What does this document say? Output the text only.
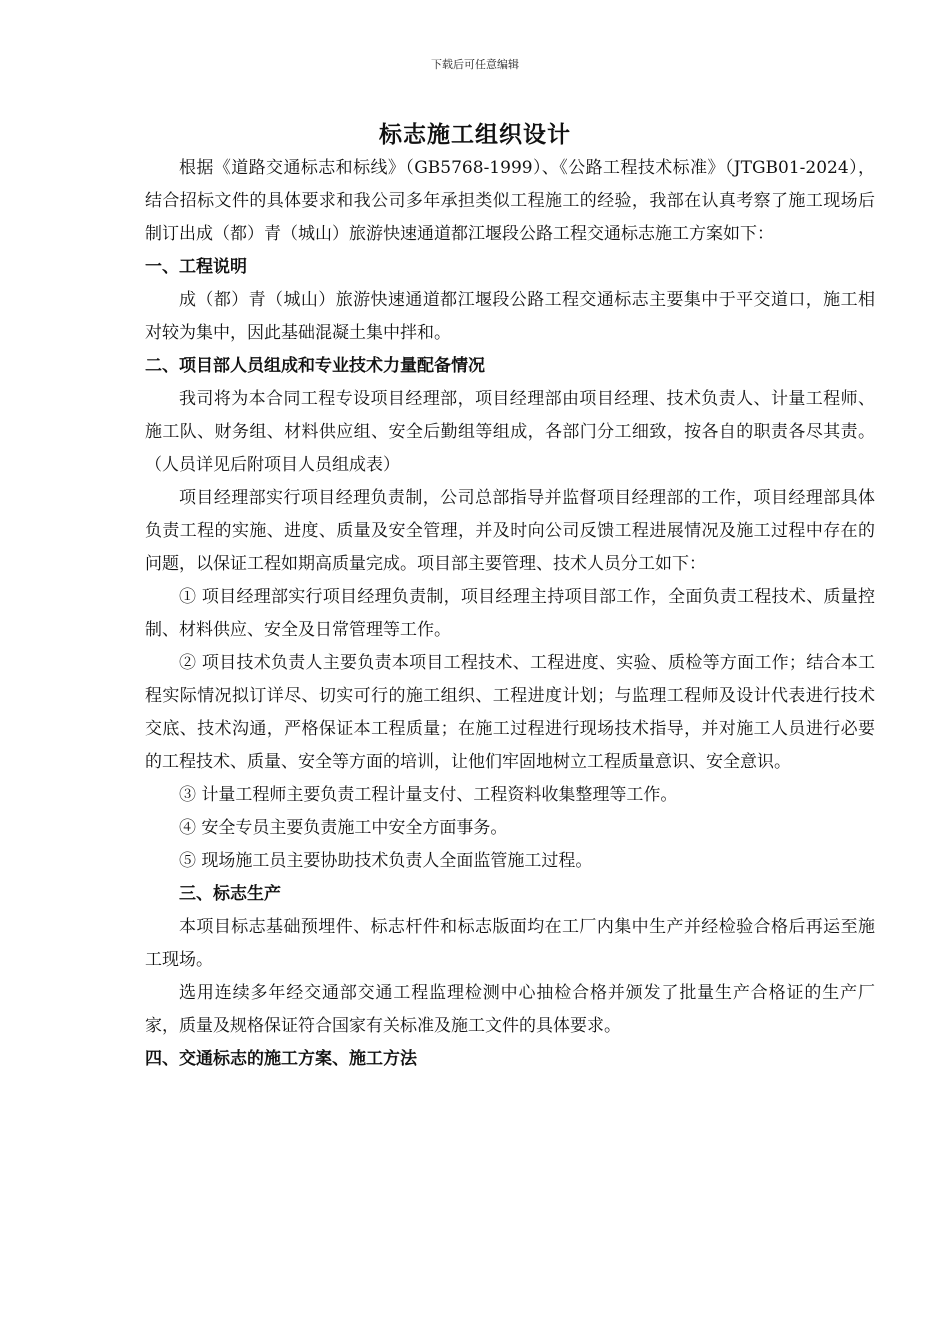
下载后可任意编辑
标志施工组织设计

根据《道路交通标志和标线》（GB5768-1999）、《公路工程技术标准》（JTGB01-2024），结合招标文件的具体要求和我公司多年承担类似工程施工的经验，我部在认真考察了施工现场后制订出成（都）青（城山）旅游快速通道都江堰段公路工程交通标志施工方案如下：

一、工程说明

成（都）青（城山）旅游快速通道都江堰段公路工程交通标志主要集中于平交道口，施工相对较为集中，因此基础混凝土集中拌和。

二、项目部人员组成和专业技术力量配备情况

我司将为本合同工程专设项目经理部，项目经理部由项目经理、技术负责人、计量工程师、施工队、财务组、材料供应组、安全后勤组等组成，各部门分工细致，按各自的职责各尽其责。（人员详见后附项目人员组成表）

项目经理部实行项目经理负责制，公司总部指导并监督项目经理部的工作，项目经理部具体负责工程的实施、进度、质量及安全管理，并及时向公司反馈工程进展情况及施工过程中存在的问题，以保证工程如期高质量完成。项目部主要管理、技术人员分工如下：

① 项目经理部实行项目经理负责制，项目经理主持项目部工作，全面负责工程技术、质量控制、材料供应、安全及日常管理等工作。

② 项目技术负责人主要负责本项目工程技术、工程进度、实验、质检等方面工作；结合本工程实际情况拟订详尽、切实可行的施工组织、工程进度计划；与监理工程师及设计代表进行技术交底、技术沟通，严格保证本工程质量；在施工过程进行现场技术指导，并对施工人员进行必要的工程技术、质量、安全等方面的培训，让他们牢固地树立工程质量意识、安全意识。

③ 计量工程师主要负责工程计量支付、工程资料收集整理等工作。

④ 安全专员主要负责施工中安全方面事务。

⑤ 现场施工员主要协助技术负责人全面监管施工过程。

三、标志生产

本项目标志基础预埋件、标志杆件和标志版面均在工厂内集中生产并经检验合格后再运至施工现场。

选用连续多年经交通部交通工程监理检测中心抽检合格并颁发了批量生产合格证的生产厂家，质量及规格保证符合国家有关标准及施工文件的具体要求。

四、交通标志的施工方案、施工方法
